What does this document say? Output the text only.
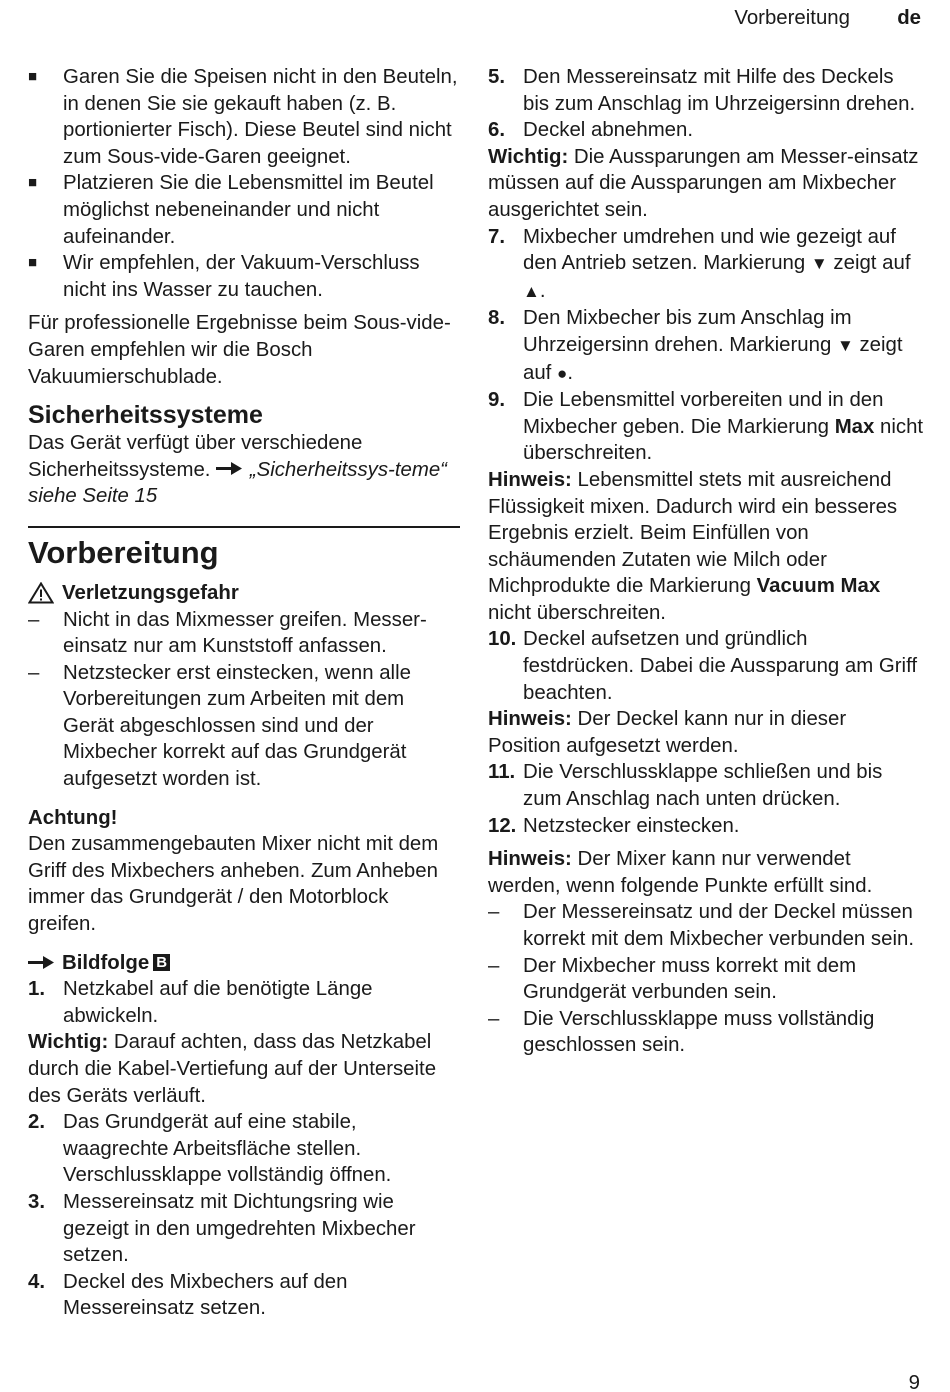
Vorbereitung de
■ Garen Sie die Speisen nicht in den Beuteln, in denen Sie sie gekauft haben (z. B. portionierter Fisch). Diese Beutel sind nicht zum Sous-vide-Garen geeignet.
■ Platzieren Sie die Lebensmittel im Beutel möglichst nebeneinander und nicht aufeinander.
■ Wir empfehlen, der Vakuum-Verschluss nicht ins Wasser zu tauchen.

Für professionelle Ergebnisse beim Sous-vide-Garen empfehlen wir die Bosch Vakuumierschublade.

Sicherheitssysteme

Das Gerät verfügt über verschiedene Sicherheitssysteme. „Sicherheitssys-teme“ siehe Seite 15

Vorbereitung
Verletzungsgefahr
– Nicht in das Mixmesser greifen. Messer-einsatz nur am Kunststoff anfassen.
– Netzstecker erst einstecken, wenn alle Vorbereitungen zum Arbeiten mit dem Gerät abgeschlossen sind und der Mixbecher korrekt auf das Grundgerät aufgesetzt worden ist.
Achtung!

Den zusammengebauten Mixer nicht mit dem Griff des Mixbechers anheben. Zum Anheben immer das Grundgerät / den Motorblock greifen.

Bildfolge B
1. Netzkabel auf die benötigte Länge abwickeln.

Wichtig: Darauf achten, dass das Netzkabel durch die Kabel-Vertiefung auf der Unterseite des Geräts verläuft.

2. Das Grundgerät auf eine stabile, waagrechte Arbeitsfläche stellen. Verschlussklappe vollständig öffnen.
3. Messereinsatz mit Dichtungsring wie gezeigt in den umgedrehten Mixbecher setzen.
4. Deckel des Mixbechers auf den Messereinsatz setzen.
5. Den Messereinsatz mit Hilfe des Deckels bis zum Anschlag im Uhrzeigersinn drehen.
6. Deckel abnehmen.

Wichtig: Die Aussparungen am Messer-einsatz müssen auf die Aussparungen am Mixbecher ausgerichtet sein.

7. Mixbecher umdrehen und wie gezeigt auf den Antrieb setzen. Markierung ▼ zeigt auf ▲.
8. Den Mixbecher bis zum Anschlag im Uhrzeigersinn drehen. Markierung ▼ zeigt auf ●.
9. Die Lebensmittel vorbereiten und in den Mixbecher geben. Die Markierung Max nicht überschreiten.

Hinweis: Lebensmittel stets mit ausreichend Flüssigkeit mixen. Dadurch wird ein besseres Ergebnis erzielt. Beim Einfüllen von schäumenden Zutaten wie Milch oder Michprodukte die Markierung Vacuum Max nicht überschreiten.

10. Deckel aufsetzen und gründlich festdrücken. Dabei die Aussparung am Griff beachten.

Hinweis: Der Deckel kann nur in dieser Position aufgesetzt werden.

11. Die Verschlussklappe schließen und bis zum Anschlag nach unten drücken.
12. Netzstecker einstecken.

Hinweis: Der Mixer kann nur verwendet werden, wenn folgende Punkte erfüllt sind.

– Der Messereinsatz und der Deckel müssen korrekt mit dem Mixbecher verbunden sein.
– Der Mixbecher muss korrekt mit dem Grundgerät verbunden sein.
– Die Verschlussklappe muss vollständig geschlossen sein.
9
